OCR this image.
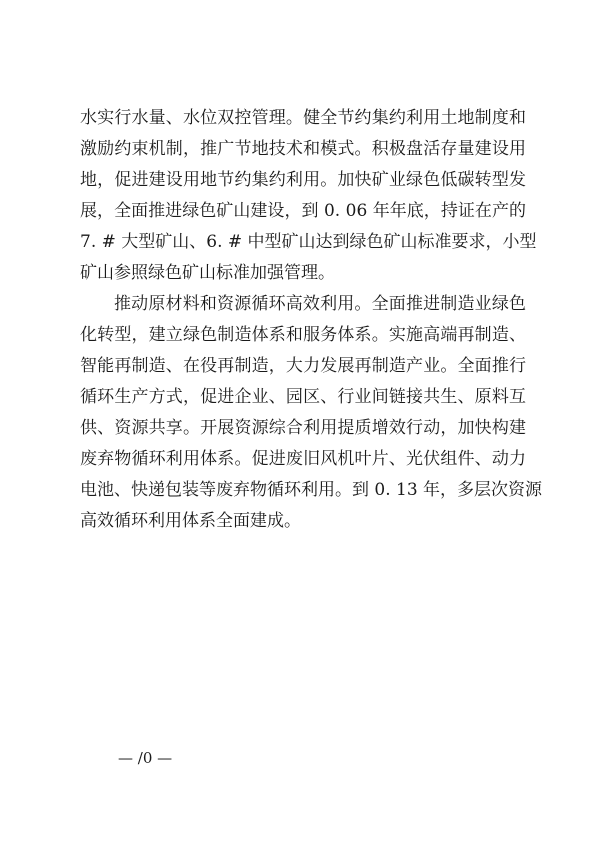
水实行水量、水位双控管理。健全节约集约利用土地制度和
激励约束机制，推广节地技术和模式。积极盘活存量建设用
地，促进建设用地节约集约利用。加快矿业绿色低碳转型发
展，全面推进绿色矿山建设，到 0. 06 年年底，持证在产的
7. # 大型矿山、6. # 中型矿山达到绿色矿山标准要求，小型
矿山参照绿色矿山标准加强管理。
推动原材料和资源循环高效利用。全面推进制造业绿色
化转型，建立绿色制造体系和服务体系。实施高端再制造、
智能再制造、在役再制造，大力发展再制造产业。全面推行
循环生产方式，促进企业、园区、行业间链接共生、原料互
供、资源共享。开展资源综合利用提质增效行动，加快构建
废弃物循环利用体系。促进废旧风机叶片、光伏组件、动力
电池、快递包装等废弃物循环利用。到 0. 13 年，多层次资源
高效循环利用体系全面建成。
— /0 —
